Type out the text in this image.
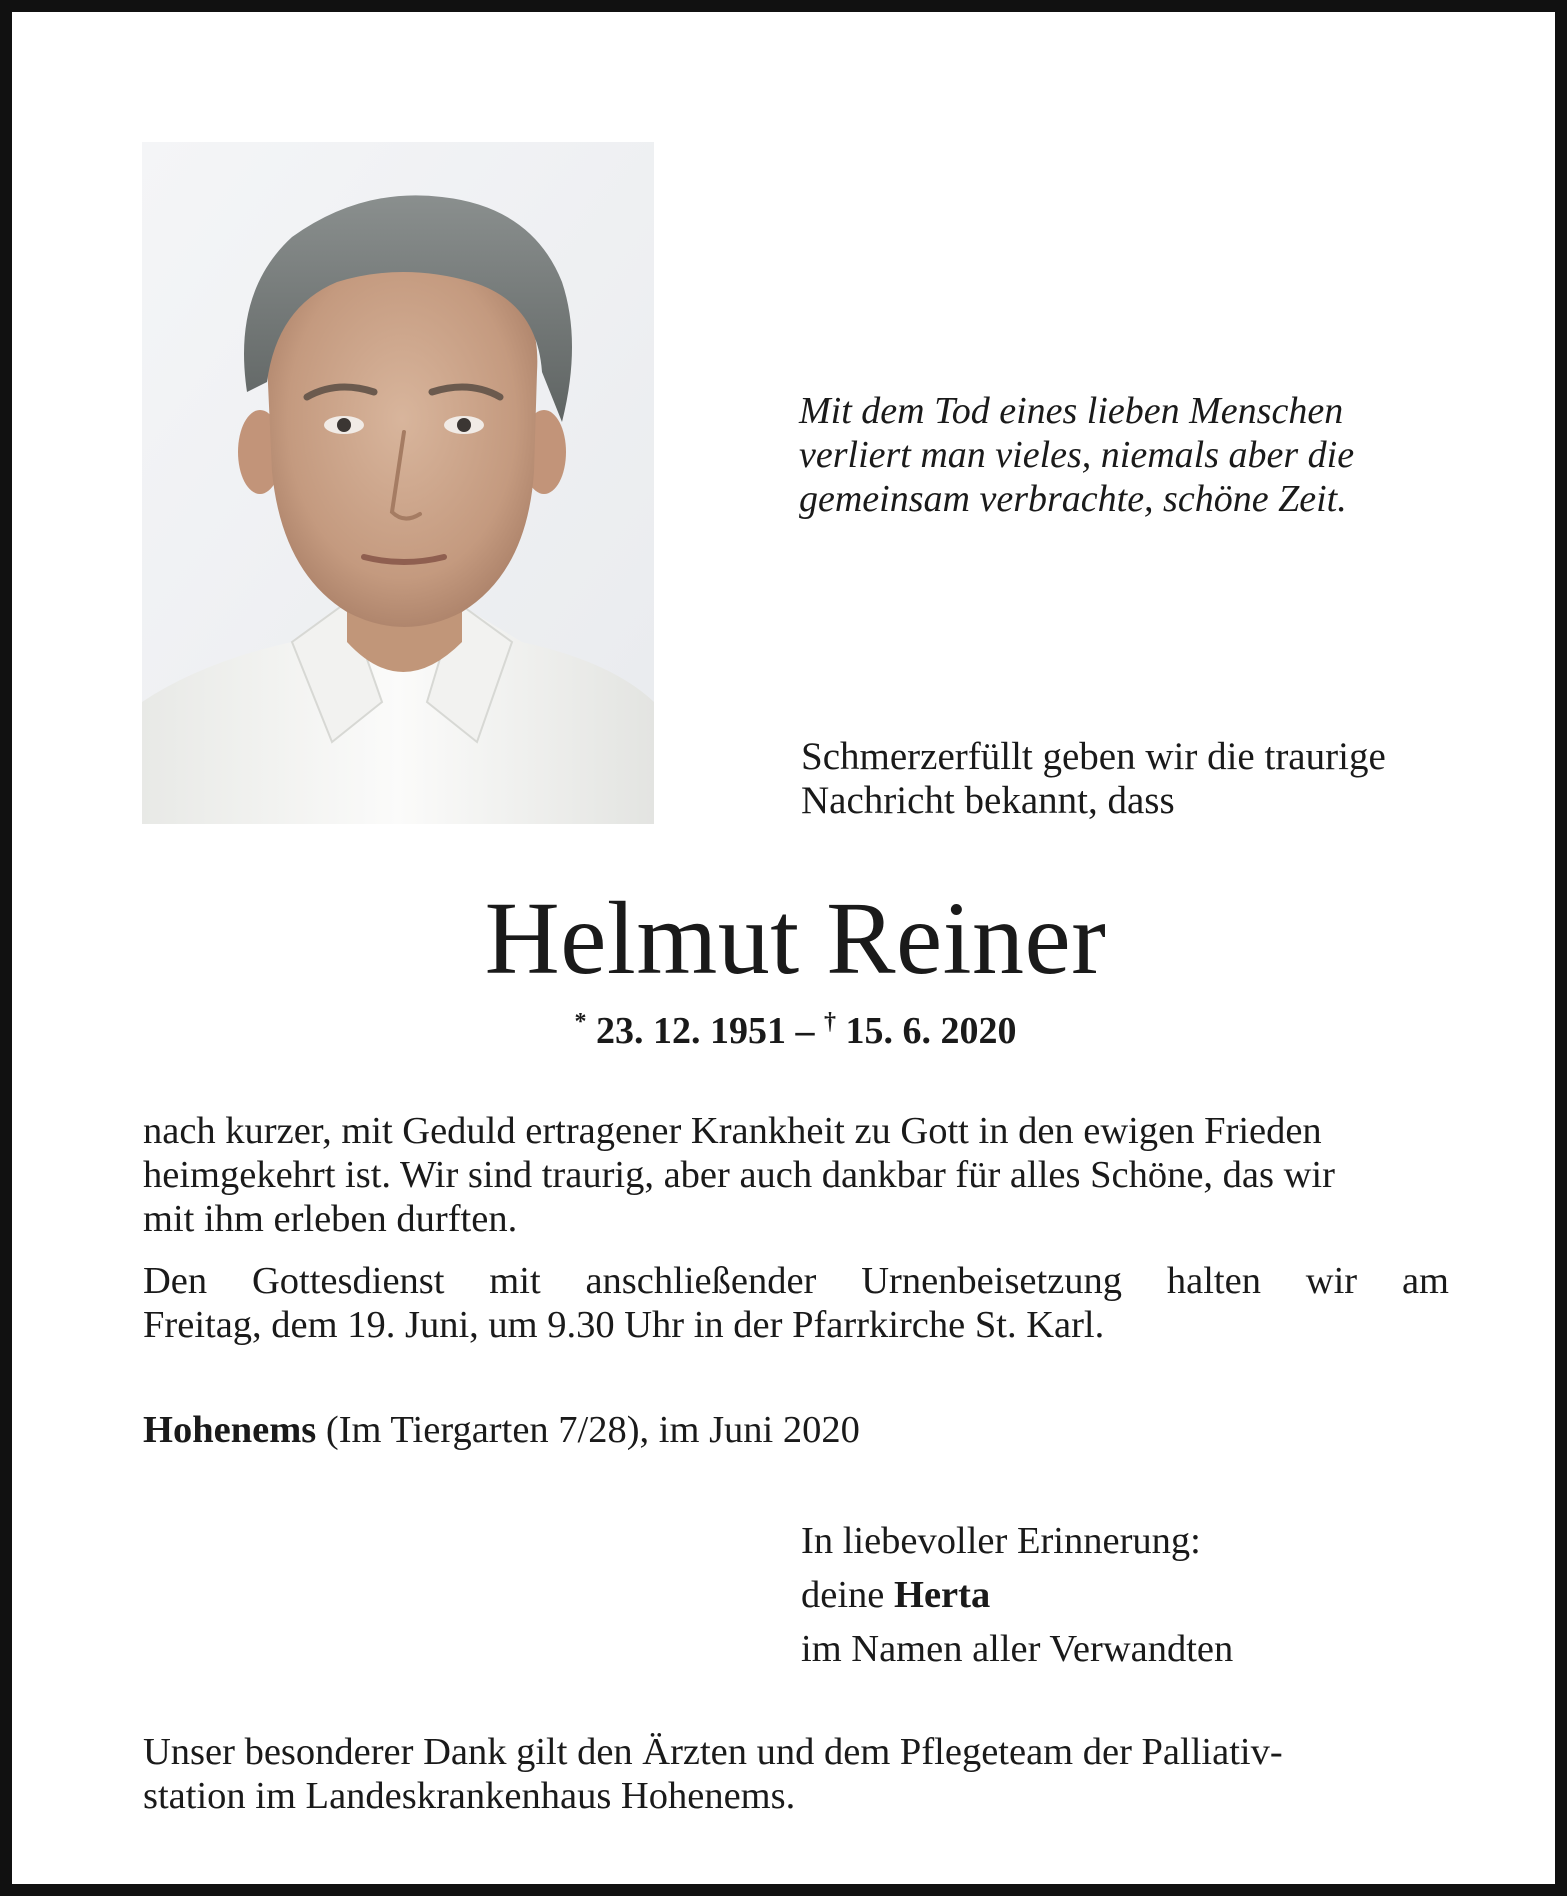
Mit dem Tod eines lieben Menschen
verliert man vieles, niemals aber die
gemeinsam verbrachte, schöne Zeit.
Schmerzerfüllt geben wir die traurige
Nachricht bekannt, dass
Helmut Reiner
* 23. 12. 1951 – † 15. 6. 2020
nach kurzer, mit Geduld ertragener Krankheit zu Gott in den ewigen Frieden
heimgekehrt ist. Wir sind traurig, aber auch dankbar für alles Schöne, das wir
mit ihm erleben durften.
Den Gottesdienst mit anschließender Urnenbeisetzung halten wir am
Freitag, dem 19. Juni, um 9.30 Uhr in der Pfarrkirche St. Karl.
Hohenems (Im Tiergarten 7/28), im Juni 2020
In liebevoller Erinnerung:
deine Herta
im Namen aller Verwandten
Unser besonderer Dank gilt den Ärzten und dem Pflegeteam der Palliativ-
station im Landeskrankenhaus Hohenems.
